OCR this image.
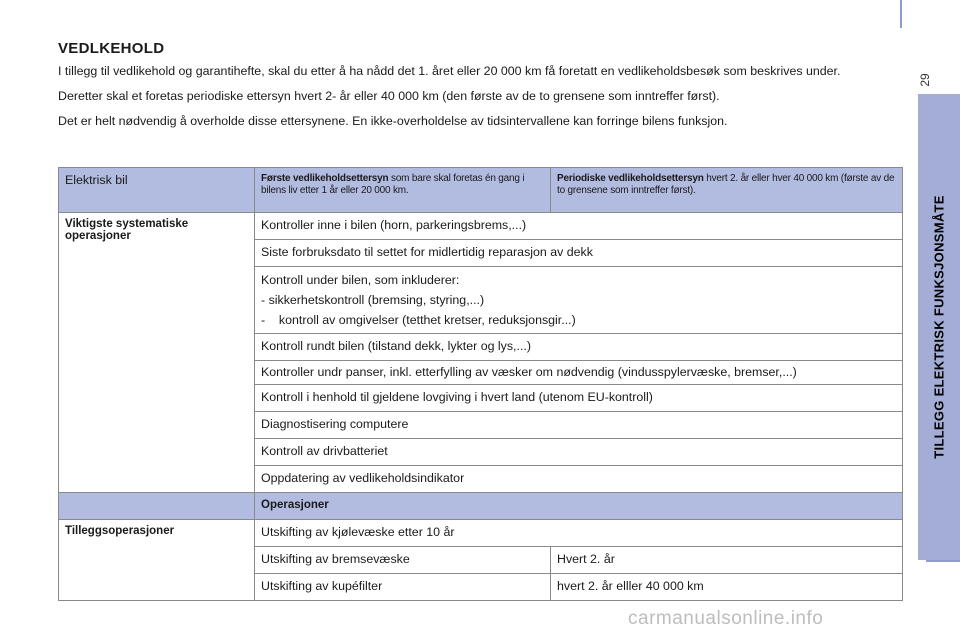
29
TILLEGG ELEKTRISK FUNKSJONSMÅTE
VEDLKEHOLD

I tillegg til vedlikehold og garantihefte, skal du etter å ha nådd det 1. året eller 20 000 km få foretatt en vedlikeholdsbesøk som beskrives under.

Deretter skal et foretas periodiske ettersyn hvert 2- år eller 40 000 km (den første av de to grensene som inntreffer først).

Det er helt nødvendig å overholde disse ettersynene. En ikke-overholdelse av tidsintervallene kan forringe bilens funksjon.

Elektrisk bil	Første vedlikeholdsettersyn som bare skal foretas én gang i bilens liv etter 1 år eller 20 000 km.	Periodiske vedlikeholdsettersyn hvert 2. år eller hver 40 000 km (første av de to grensene som inntreffer først).
Viktigste systematiske operasjoner	Kontroller inne i bilen (horn, parkeringsbrems,...)	
	Siste forbruksdato til settet for midlertidig reparasjon av dekk	
	Kontroll under bilen, som inkluderer:
- sikkerhetskontroll (bremsing, styring,...)
-    kontroll av omgivelser (tetthet kretser, reduksjonsgir...)	

	Kontroll rundt bilen (tilstand dekk, lykter og lys,...)	
	Kontroller undr panser, inkl. etterfylling av væsker om nødvendig (vindusspylervæske, bremser,...)	
	Kontroll i henhold til gjeldene lovgiving i hvert land (utenom EU-kontroll)	
	Diagnostisering computere	
	Kontroll av drivbatteriet	
	Oppdatering av vedlikeholdsindikator	
	Operasjoner	
Tilleggsoperasjoner	Utskifting av kjølevæske etter 10 år	
	Utskifting av bremsevæske	Hvert 2. år
	Utskifting av kupéfilter	hvert 2. år elller 40 000 km
carmanualsonline.info
